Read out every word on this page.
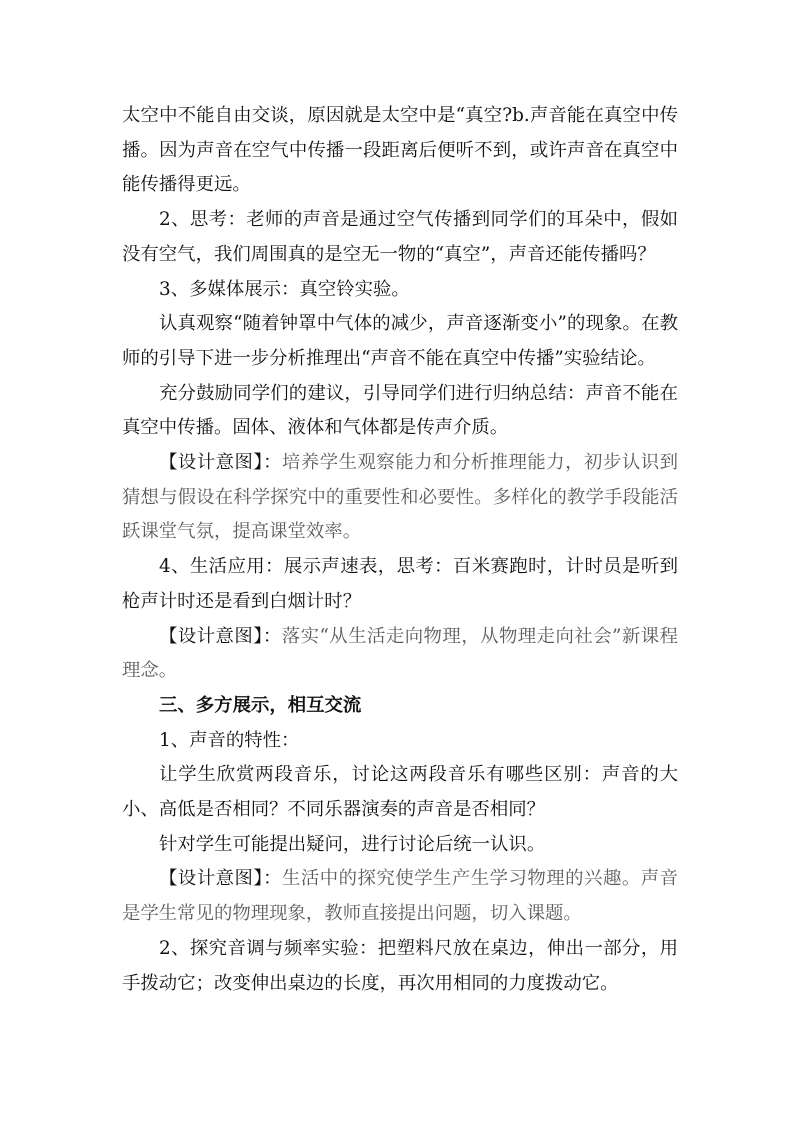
太空中不能自由交谈，原因就是太空中是“真空?b.声音能在真空中传播。因为声音在空气中传播一段距离后便听不到，或许声音在真空中能传播得更远。

2、思考：老师的声音是通过空气传播到同学们的耳朵中，假如没有空气，我们周围真的是空无一物的“真空”，声音还能传播吗？

3、多媒体展示：真空铃实验。

认真观察“随着钟罩中气体的减少，声音逐渐变小”的现象。在教师的引导下进一步分析推理出“声音不能在真空中传播”实验结论。

充分鼓励同学们的建议，引导同学们进行归纳总结：声音不能在真空中传播。固体、液体和气体都是传声介质。

【设计意图】：培养学生观察能力和分析推理能力，初步认识到猜想与假设在科学探究中的重要性和必要性。多样化的教学手段能活跃课堂气氛，提高课堂效率。

4、生活应用：展示声速表，思考：百米赛跑时，计时员是听到枪声计时还是看到白烟计时？

【设计意图】：落实“从生活走向物理，从物理走向社会”新课程理念。

三、多方展示，相互交流

1、声音的特性：

让学生欣赏两段音乐，讨论这两段音乐有哪些区别：声音的大小、高低是否相同？不同乐器演奏的声音是否相同？

针对学生可能提出疑问，进行讨论后统一认识。

【设计意图】：生活中的探究使学生产生学习物理的兴趣。声音是学生常见的物理现象，教师直接提出问题，切入课题。

2、探究音调与频率实验：把塑料尺放在桌边，伸出一部分，用手拨动它；改变伸出桌边的长度，再次用相同的力度拨动它。
